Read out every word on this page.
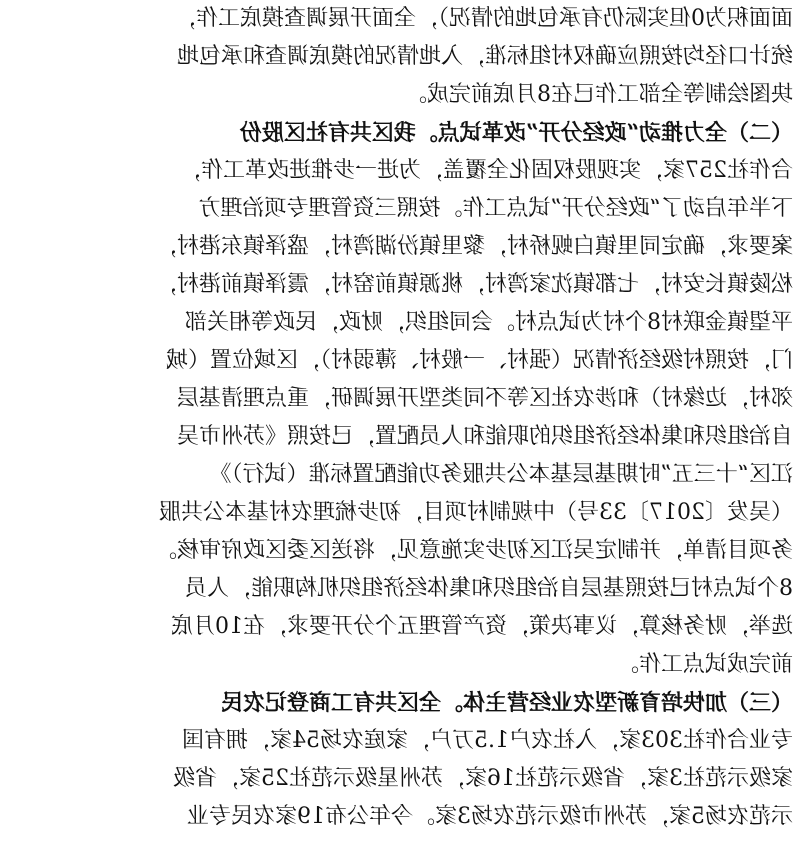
面面积为0但实际仍有承包地的情况），全面开展调查摸底工作，
统计口径均按照应确权村组标准，入地情况的摸底调查和承包地
块图绘制等全部工作已在8月底前完成。
（二）全力推动“政经分开”改革试点。我区共有社区股份
合作社257家，实现股权固化全覆盖，为进一步推进改革工作，
下半年启动了“政经分开”试点工作。按照三资管理专项治理方
案要求，确定同里镇白蚬桥村，黎里镇汾湖湾村，盛泽镇东港村，
松陵镇长安村，七都镇沈家湾村，桃源镇前窑村，震泽镇前港村，
平望镇金联村8个村为试点村。会同组织，财政，民政等相关部
门，按照村级经济情况（强村、一般村、薄弱村），区域位置（城
郊村，边缘村）和涉农社区等不同类型开展调研，重点理清基层
自治组织和集体经济组织的职能和人员配置，已按照《苏州市吴
江区“十三五”时期基层基本公共服务功能配置标准（试行）》
（吴发〔2017〕33号）中规制村项目，初步梳理农村基本公共服
务项目清单，并制定吴江区初步实施意见，将送区委区政府审核。
8个试点村已按照基层自治组织和集体经济组织机构职能，人员
选举，财务核算，议事决策，资产管理五个分开要求，在10月底
前完成试点工作。
（三）加快培育新型农业经营主体。全区共有工商登记农民
专业合作社303家，入社农户1.5万户，家庭农场54家，拥有国
家级示范社3家，省级示范社16家，苏州星级示范社25家，省级
示范农场5家，苏州市级示范农场3家。今年公布19家农民专业
